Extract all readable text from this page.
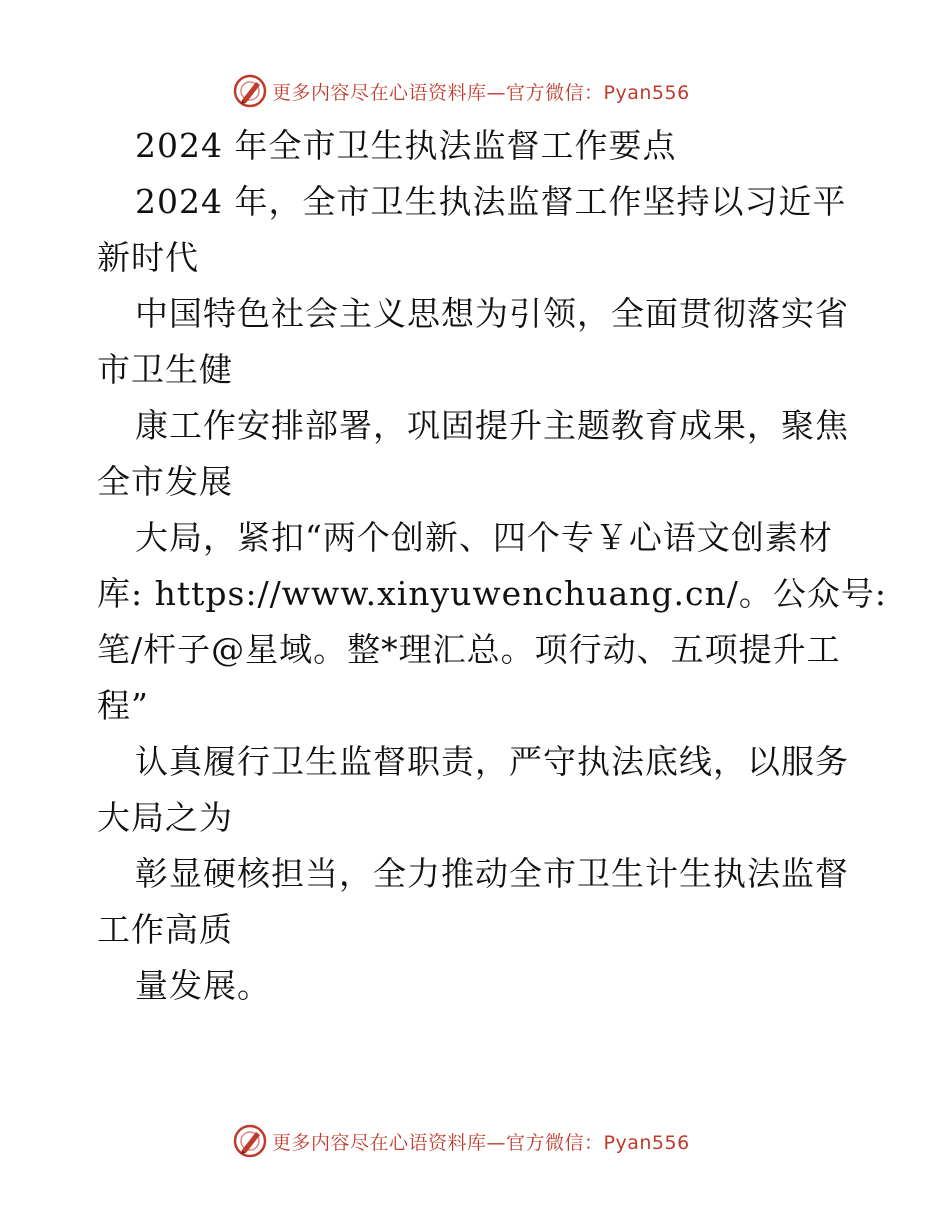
更多内容尽在心语资料库—官方微信：Pyan556
2024 年全市卫生执法监督工作要点
2024 年，全市卫生执法监督工作坚持以习近平
新时代
中国特色社会主义思想为引领，全面贯彻落实省
市卫生健
康工作安排部署，巩固提升主题教育成果，聚焦
全市发展
大局，紧扣“两个创新、四个专￥心语文创素材
库: https://www.xinyuwenchuang.cn/。公众号:
笔/杆子@星域。整*理汇总。项行动、五项提升工
程”
认真履行卫生监督职责，严守执法底线，以服务
大局之为
彰显硬核担当，全力推动全市卫生计生执法监督
工作高质
量发展。
更多内容尽在心语资料库—官方微信：Pyan556
